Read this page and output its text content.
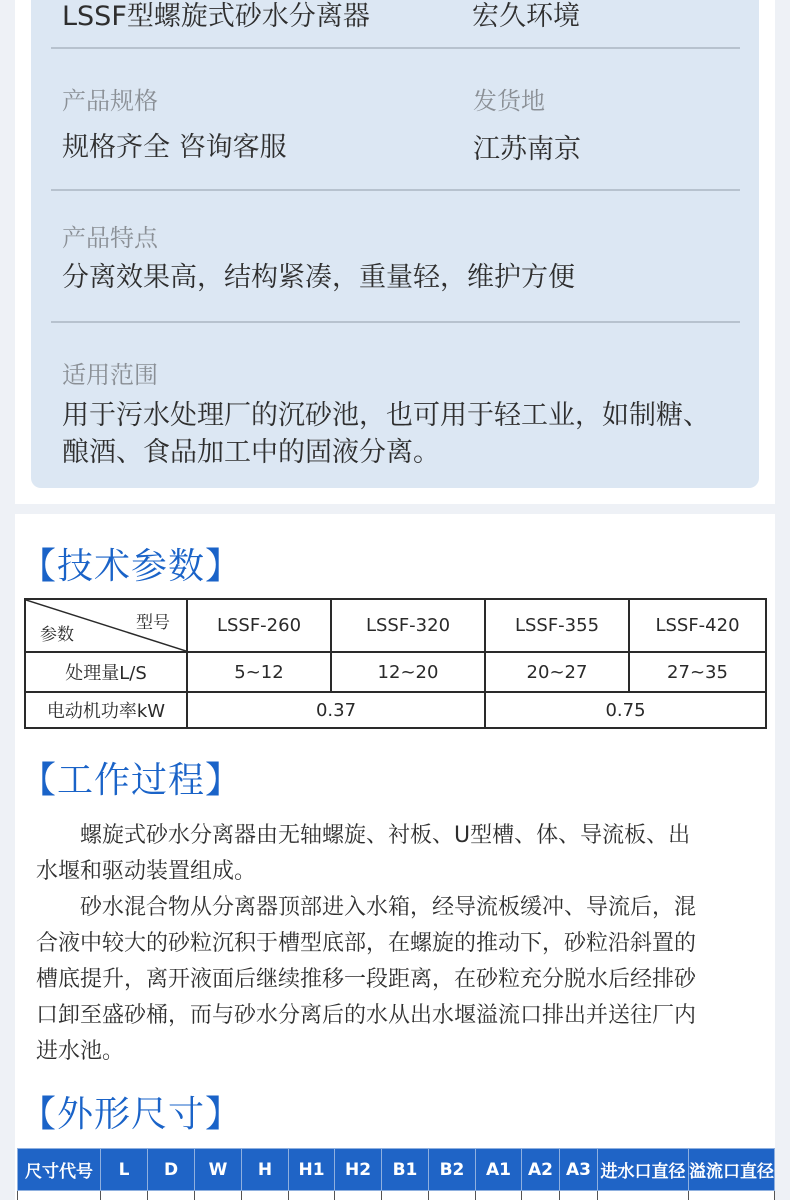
LSSF型螺旋式砂水分离器	宏久环境
产品规格	发货地
规格齐全 咨询客服	江苏南京
产品特点
分离效果高，结构紧凑，重量轻，维护方便
适用范围
用于污水处理厂的沉砂池，也可用于轻工业，如制糖、
酿酒、食品加工中的固液分离。
【技术参数】
型号
参数	LSSF-260	LSSF-320	LSSF-355	LSSF-420
处理量L/S	5~12	12~20	20~27	27~35
电动机功率kW	0.37		0.75	
【工作过程】
螺旋式砂水分离器由无轴螺旋、衬板、U型槽、体、导流板、出
水堰和驱动装置组成。
砂水混合物从分离器顶部进入水箱，经导流板缓冲、导流后，混
合液中较大的砂粒沉积于槽型底部，在螺旋的推动下，砂粒沿斜置的
槽底提升，离开液面后继续推移一段距离，在砂粒充分脱水后经排砂
口卸至盛砂桶，而与砂水分离后的水从出水堰溢流口排出并送往厂内
进水池。
【外形尺寸】
尺寸代号	L	D	W	H	H1	H2	B1	B2	A1	A2	A3	进水口直径	溢流口直径
